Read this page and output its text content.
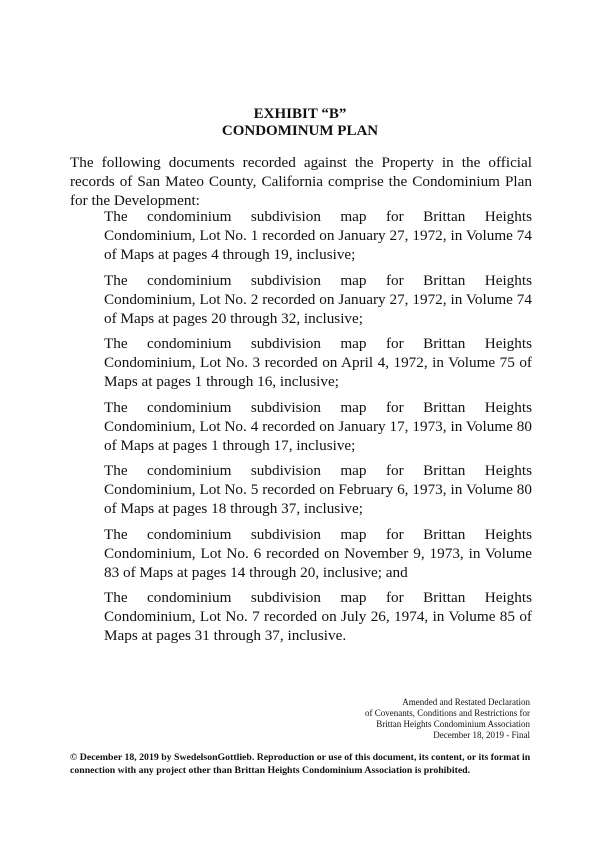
EXHIBIT “B”
CONDOMINUM PLAN

The following documents recorded against the Property in the official records of San Mateo County, California comprise the Condominium Plan for the Development:

The condominium subdivision map for Brittan Heights Condominium, Lot No. 1 recorded on January 27, 1972, in Volume 74 of Maps at pages 4 through 19, inclusive;
The condominium subdivision map for Brittan Heights Condominium, Lot No. 2 recorded on January 27, 1972, in Volume 74 of Maps at pages 20 through 32, inclusive;
The condominium subdivision map for Brittan Heights Condominium, Lot No. 3 recorded on April 4, 1972, in Volume 75 of Maps at pages 1 through 16, inclusive;
The condominium subdivision map for Brittan Heights Condominium, Lot No. 4 recorded on January 17, 1973, in Volume 80 of Maps at pages 1 through 17, inclusive;
The condominium subdivision map for Brittan Heights Condominium, Lot No. 5 recorded on February 6, 1973, in Volume 80 of Maps at pages 18 through 37, inclusive;
The condominium subdivision map for Brittan Heights Condominium, Lot No. 6 recorded on November 9, 1973, in Volume 83 of Maps at pages 14 through 20, inclusive; and
The condominium subdivision map for Brittan Heights Condominium, Lot No. 7 recorded on July 26, 1974, in Volume 85 of Maps at pages 31 through 37, inclusive.
Amended and Restated Declaration
of Covenants, Conditions and Restrictions for
Brittan Heights Condominium Association
December 18, 2019 - Final
© December 18, 2019 by SwedelsonGottlieb. Reproduction or use of this document, its content, or its format in connection with any project other than Brittan Heights Condominium Association is prohibited.
